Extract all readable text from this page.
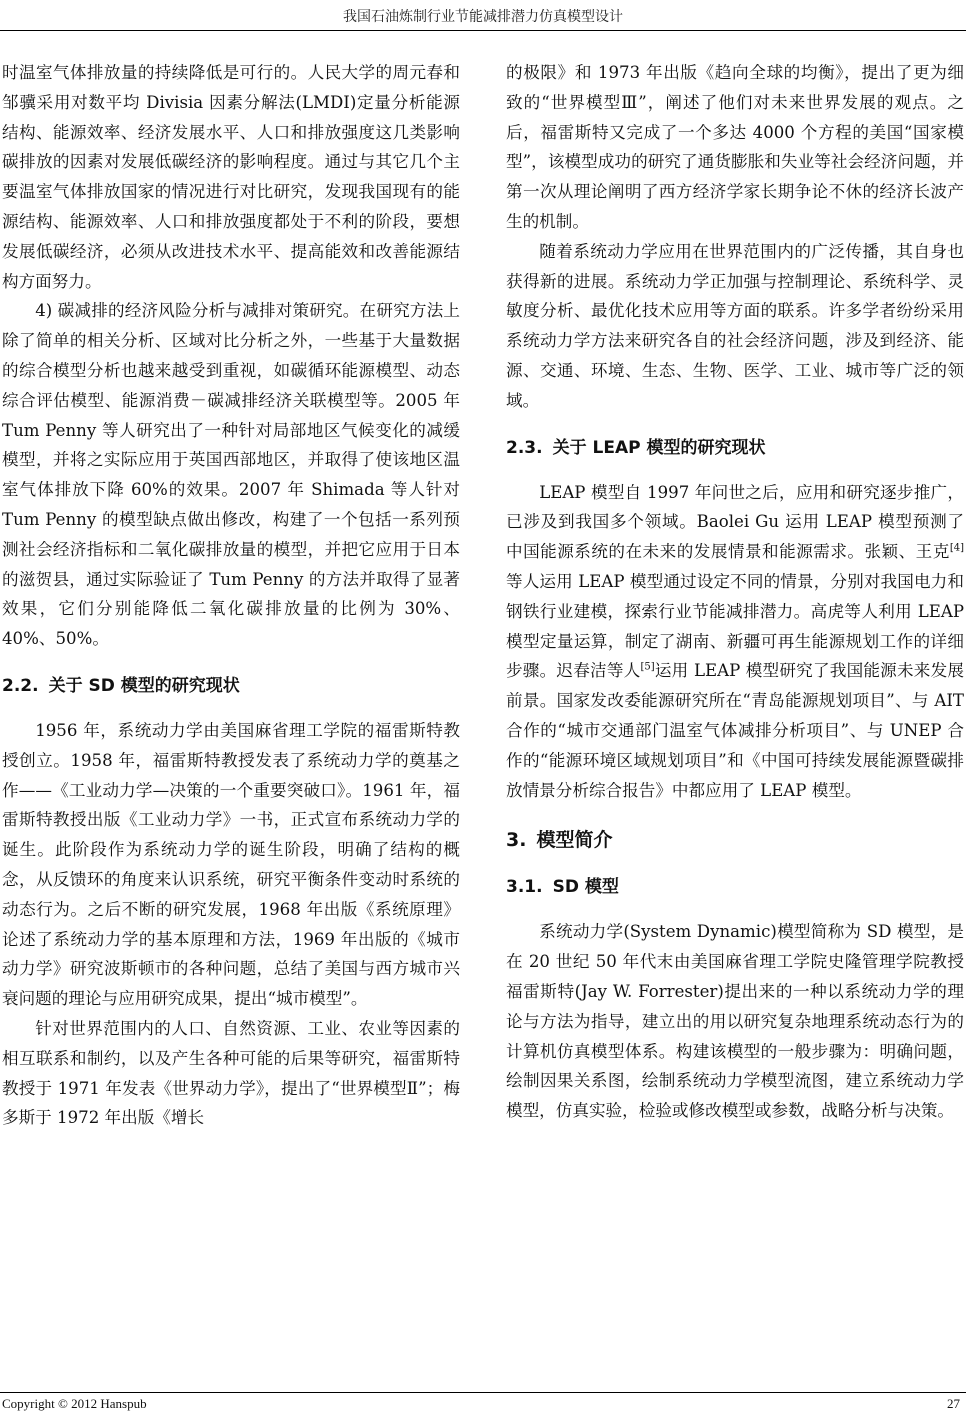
我国石油炼制行业节能减排潜力仿真模型设计

时温室气体排放量的持续降低是可行的。人民大学的周元春和邹骥采用对数平均 Divisia 因素分解法(LMDI)定量分析能源结构、能源效率、经济发展水平、人口和排放强度这几类影响碳排放的因素对发展低碳经济的影响程度。通过与其它几个主要温室气体排放国家的情况进行对比研究，发现我国现有的能源结构、能源效率、人口和排放强度都处于不利的阶段，要想发展低碳经济，必须从改进技术水平、提高能效和改善能源结构方面努力。

4) 碳减排的经济风险分析与减排对策研究。在研究方法上除了简单的相关分析、区域对比分析之外，一些基于大量数据的综合模型分析也越来越受到重视，如碳循环能源模型、动态综合评估模型、能源消费－碳减排经济关联模型等。2005 年 Tum Penny 等人研究出了一种针对局部地区气候变化的减缓模型，并将之实际应用于英国西部地区，并取得了使该地区温室气体排放下降 60%的效果。2007 年 Shimada 等人针对 Tum Penny 的模型缺点做出修改，构建了一个包括一系列预测社会经济指标和二氧化碳排放量的模型，并把它应用于日本的滋贺县，通过实际验证了 Tum Penny 的方法并取得了显著效果，它们分别能降低二氧化碳排放量的比例为 30%、40%、50%。

2.2. 关于 SD 模型的研究现状

1956 年，系统动力学由美国麻省理工学院的福雷斯特教授创立。1958 年，福雷斯特教授发表了系统动力学的奠基之作——《工业动力学—决策的一个重要突破口》。1961 年，福雷斯特教授出版《工业动力学》一书，正式宣布系统动力学的诞生。此阶段作为系统动力学的诞生阶段，明确了结构的概念，从反馈环的角度来认识系统，研究平衡条件变动时系统的动态行为。之后不断的研究发展，1968 年出版《系统原理》论述了系统动力学的基本原理和方法，1969 年出版的《城市动力学》研究波斯顿市的各种问题，总结了美国与西方城市兴衰问题的理论与应用研究成果，提出“城市模型”。

针对世界范围内的人口、自然资源、工业、农业等因素的相互联系和制约，以及产生各种可能的后果等研究，福雷斯特教授于 1971 年发表《世界动力学》，提出了“世界模型Ⅱ”；梅多斯于 1972 年出版《增长

的极限》和 1973 年出版《趋向全球的均衡》，提出了更为细致的“世界模型Ⅲ”，阐述了他们对未来世界发展的观点。之后，福雷斯特又完成了一个多达 4000 个方程的美国“国家模型”，该模型成功的研究了通货膨胀和失业等社会经济问题，并第一次从理论阐明了西方经济学家长期争论不休的经济长波产生的机制。

随着系统动力学应用在世界范围内的广泛传播，其自身也获得新的进展。系统动力学正加强与控制理论、系统科学、灵敏度分析、最优化技术应用等方面的联系。许多学者纷纷采用系统动力学方法来研究各自的社会经济问题，涉及到经济、能源、交通、环境、生态、生物、医学、工业、城市等广泛的领域。

2.3. 关于 LEAP 模型的研究现状

LEAP 模型自 1997 年问世之后，应用和研究逐步推广，已涉及到我国多个领域。Baolei Gu 运用 LEAP 模型预测了中国能源系统的在未来的发展情景和能源需求。张颖、王克[4]等人运用 LEAP 模型通过设定不同的情景，分别对我国电力和钢铁行业建模，探索行业节能减排潜力。高虎等人利用 LEAP 模型定量运算，制定了湖南、新疆可再生能源规划工作的详细步骤。迟春洁等人[5]运用 LEAP 模型研究了我国能源未来发展前景。国家发改委能源研究所在“青岛能源规划项目”、与 AIT 合作的“城市交通部门温室气体减排分析项目”、与 UNEP 合作的“能源环境区域规划项目”和《中国可持续发展能源暨碳排放情景分析综合报告》中都应用了 LEAP 模型。

3. 模型简介
3.1. SD 模型

系统动力学(System Dynamic)模型简称为 SD 模型，是在 20 世纪 50 年代末由美国麻省理工学院史隆管理学院教授福雷斯特(Jay W. Forrester)提出来的一种以系统动力学的理论与方法为指导，建立出的用以研究复杂地理系统动态行为的计算机仿真模型体系。构建该模型的一般步骤为：明确问题，绘制因果关系图，绘制系统动力学模型流图，建立系统动力学模型，仿真实验，检验或修改模型或参数，战略分析与决策。

Copyright © 2012 Hanspub	27
